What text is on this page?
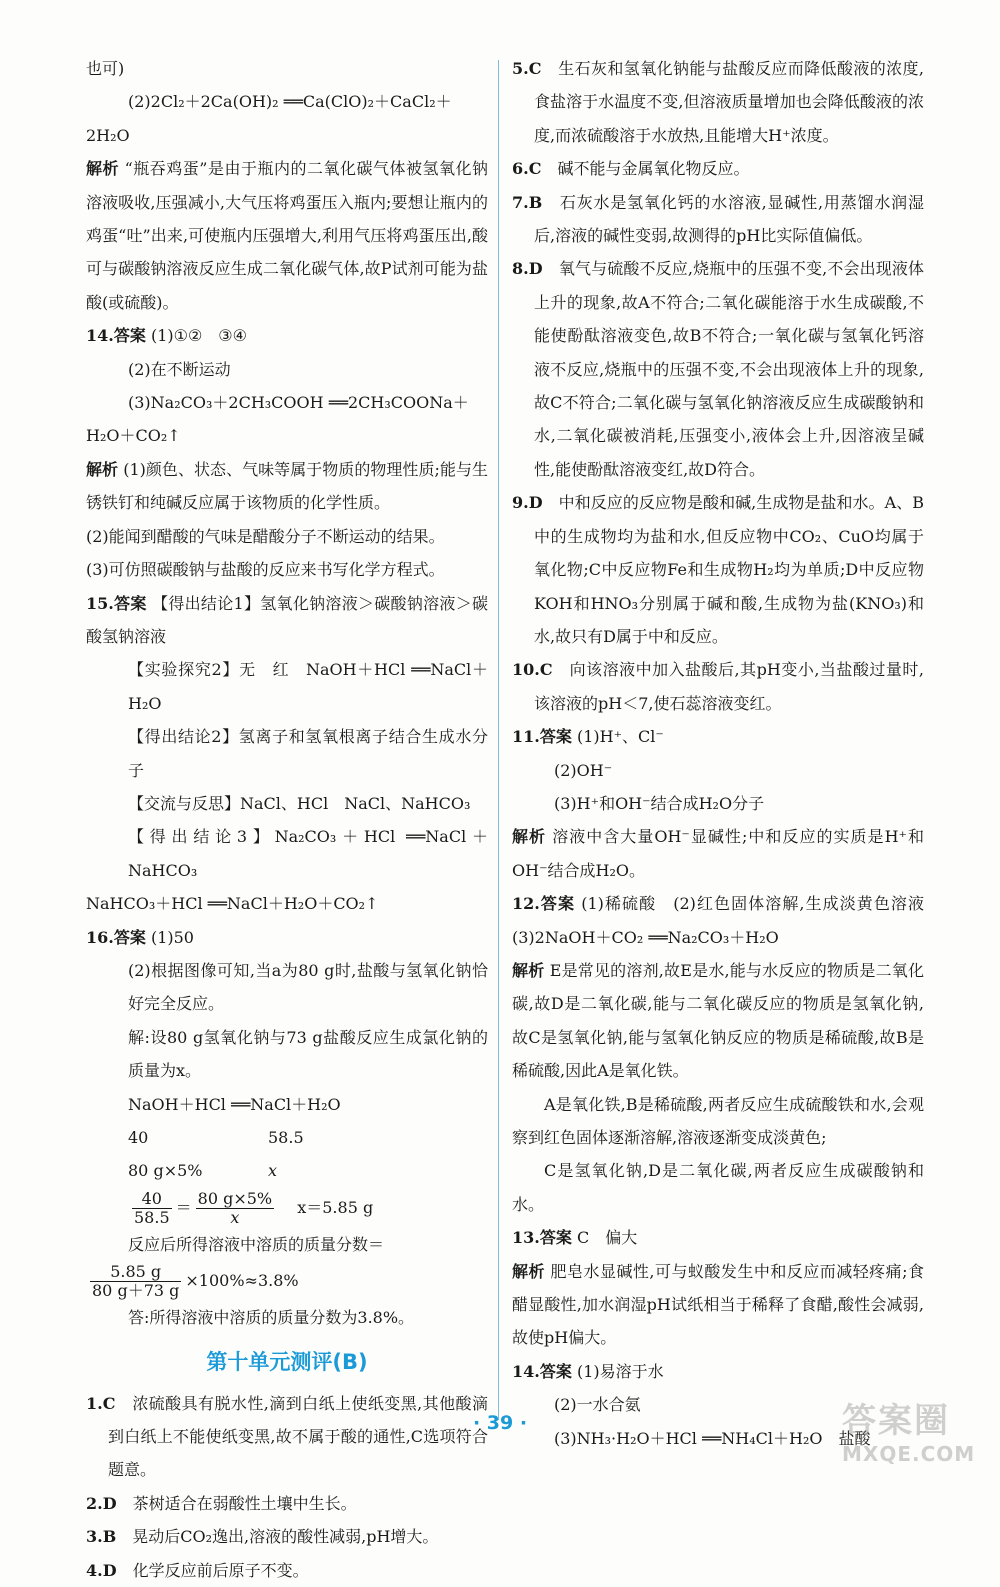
也可)

(2)2Cl₂＋2Ca(OH)₂ ══Ca(ClO)₂＋CaCl₂＋

2H₂O

解析 “瓶吞鸡蛋”是由于瓶内的二氧化碳气体被氢氧化钠溶液吸收,压强减小,大气压将鸡蛋压入瓶内;要想让瓶内的鸡蛋“吐”出来,可使瓶内压强增大,利用气压将鸡蛋压出,酸可与碳酸钠溶液反应生成二氧化碳气体,故P试剂可能为盐酸(或硫酸)。

14.答案 (1)①②　③④

(2)在不断运动

(3)Na₂CO₃＋2CH₃COOH ══2CH₃COONa＋

H₂O＋CO₂↑

解析 (1)颜色、状态、气味等属于物质的物理性质;能与生锈铁钉和纯碱反应属于该物质的化学性质。

(2)能闻到醋酸的气味是醋酸分子不断运动的结果。

(3)可仿照碳酸钠与盐酸的反应来书写化学方程式。

15.答案 【得出结论1】氢氧化钠溶液＞碳酸钠溶液＞碳酸氢钠溶液

【实验探究2】无　红　NaOH＋HCl ══NaCl＋H₂O

【得出结论2】氢离子和氢氧根离子结合生成水分子

【交流与反思】NaCl、HCl　NaCl、NaHCO₃

【得出结论3】Na₂CO₃＋HCl ══NaCl＋NaHCO₃

NaHCO₃＋HCl ══NaCl＋H₂O＋CO₂↑

16.答案 (1)50

(2)根据图像可知,当a为80 g时,盐酸与氢氧化钠恰好完全反应。

解:设80 g氢氧化钠与73 g盐酸反应生成氯化钠的质量为x。

NaOH＋HCl ══NaCl＋H₂O

40	58.5

80 g×5%	x

$\frac{40}{58.5} = \frac{80 g\times 5\%}{x} x=5.85$ g

反应后所得溶液中溶质的质量分数＝

$\frac{5.85 g}{80 g+73 g} \times 100\%\approx 3.8\%$

答:所得溶液中溶质的质量分数为3.8%。

第十单元测评(B)

1.C　 浓硫酸具有脱水性,滴到白纸上使纸变黑,其他酸滴到白纸上不能使纸变黑,故不属于酸的通性,C选项符合题意。

2.D　 茶树适合在弱酸性土壤中生长。

3.B　 晃动后CO₂逸出,溶液的酸性减弱,pH增大。

4.D　 化学反应前后原子不变。

5.C　 生石灰和氢氧化钠能与盐酸反应而降低酸液的浓度,食盐溶于水温度不变,但溶液质量增加也会降低酸液的浓度,而浓硫酸溶于水放热,且能增大H⁺浓度。

6.C　 碱不能与金属氧化物反应。

7.B　 石灰水是氢氧化钙的水溶液,显碱性,用蒸馏水润湿后,溶液的碱性变弱,故测得的pH比实际值偏低。

8.D　 氧气与硫酸不反应,烧瓶中的压强不变,不会出现液体上升的现象,故A不符合;二氧化碳能溶于水生成碳酸,不能使酚酞溶液变色,故B不符合;一氧化碳与氢氧化钙溶液不反应,烧瓶中的压强不变,不会出现液体上升的现象,故C不符合;二氧化碳与氢氧化钠溶液反应生成碳酸钠和水,二氧化碳被消耗,压强变小,液体会上升,因溶液呈碱性,能使酚酞溶液变红,故D符合。

9.D　 中和反应的反应物是酸和碱,生成物是盐和水。A、B中的生成物均为盐和水,但反应物中CO₂、CuO均属于氧化物;C中反应物Fe和生成物H₂均为单质;D中反应物KOH和HNO₃分别属于碱和酸,生成物为盐(KNO₃)和水,故只有D属于中和反应。

10.C　 向该溶液中加入盐酸后,其pH变小,当盐酸过量时,该溶液的pH＜7,使石蕊溶液变红。

11.答案 (1)H⁺、Cl⁻

(2)OH⁻

(3)H⁺和OH⁻结合成H₂O分子

解析 溶液中含大量OH⁻显碱性;中和反应的实质是H⁺和OH⁻结合成H₂O。

12.答案 (1)稀硫酸　(2)红色固体溶解,生成淡黄色溶液　(3)2NaOH＋CO₂ ══Na₂CO₃＋H₂O

解析 E是常见的溶剂,故E是水,能与水反应的物质是二氧化碳,故D是二氧化碳,能与二氧化碳反应的物质是氢氧化钠,故C是氢氧化钠,能与氢氧化钠反应的物质是稀硫酸,故B是稀硫酸,因此A是氧化铁。

A是氧化铁,B是稀硫酸,两者反应生成硫酸铁和水,会观察到红色固体逐渐溶解,溶液逐渐变成淡黄色;

C是氢氧化钠,D是二氧化碳,两者反应生成碳酸钠和水。

13.答案 C　偏大

解析 肥皂水显碱性,可与蚁酸发生中和反应而减轻疼痛;食醋显酸性,加水润湿pH试纸相当于稀释了食醋,酸性会减弱,故使pH偏大。

14.答案 (1)易溶于水

(2)一水合氨

(3)NH₃·H₂O＋HCl ══NH₄Cl＋H₂O　盐酸

· 39 ·	答案圈
MXQE.COM
